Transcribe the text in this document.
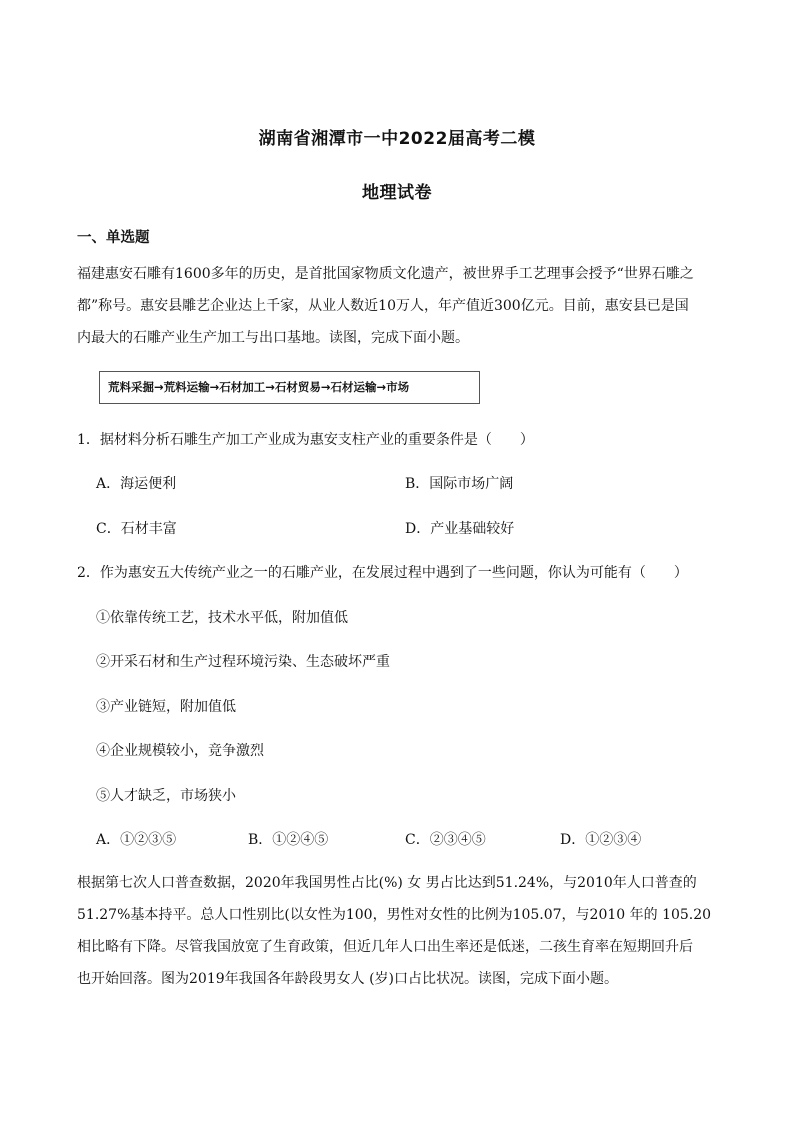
湖南省湘潭市一中2022届高考二模
地理试卷
一、单选题
福建惠安石雕有1600多年的历史，是首批国家物质文化遗产，被世界手工艺理事会授予“世界石雕之
都”称号。惠安县雕艺企业达上千家，从业人数近10万人，年产值近300亿元。目前，惠安县已是国
内最大的石雕产业生产加工与出口基地。读图，完成下面小题。
荒料采掘→荒料运输→石材加工→石材贸易→石材运输→市场
1．据材料分析石雕生产加工产业成为惠安支柱产业的重要条件是（　　）
A．海运便利	B．国际市场广阔
C．石材丰富	D．产业基础较好
2．作为惠安五大传统产业之一的石雕产业，在发展过程中遇到了一些问题，你认为可能有（　　）
①依靠传统工艺，技术水平低，附加值低
②开采石材和生产过程环境污染、生态破坏严重
③产业链短，附加值低
④企业规模较小，竞争激烈
⑤人才缺乏，市场狭小
A．①②③⑤	B．①②④⑤	C．②③④⑤	D．①②③④
根据第七次人口普查数据，2020年我国男性占比(%) 女 男占比达到51.24%，与2010年人口普查的
51.27%基本持平。总人口性别比(以女性为100，男性对女性的比例为105.07，与2010 年的 105.20
相比略有下降。尽管我国放宽了生育政策，但近几年人口出生率还是低迷，二孩生育率在短期回升后
也开始回落。图为2019年我国各年龄段男女人 (岁)口占比状况。读图，完成下面小题。
